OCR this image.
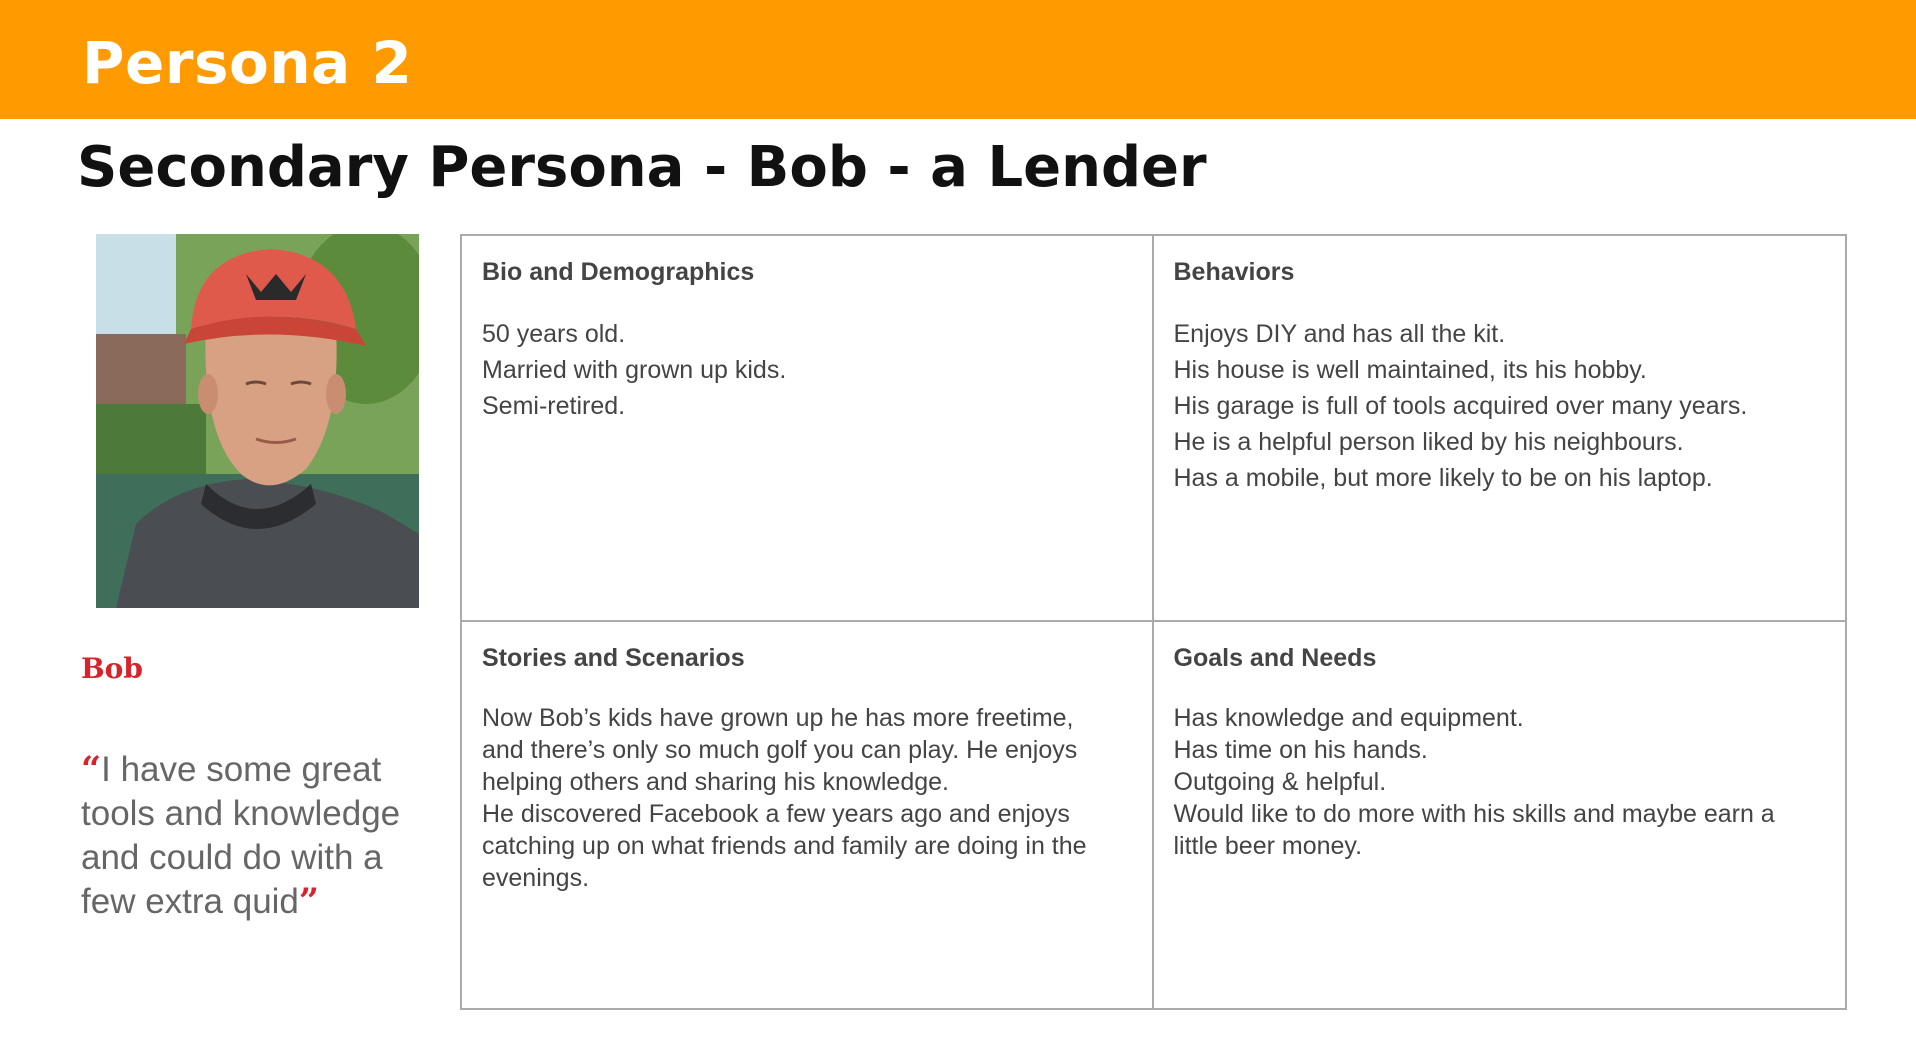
Persona 2
Secondary Persona - Bob - a Lender
Bob
“I have some great tools and knowledge and could do with a few extra quid”
Bio and Demographics
50 years old.
Married with grown up kids.
Semi-retired.
Behaviors
Enjoys DIY and has all the kit.
His house is well maintained, its his hobby.
His garage is full of tools acquired over many years.
He is a helpful person liked by his neighbours.
Has a mobile, but more likely to be on his laptop.
Stories and Scenarios
Now Bob’s kids have grown up he has more freetime,
and there’s only so much golf you can play. He enjoys
helping others and sharing his knowledge.
He discovered Facebook a few years ago and enjoys
catching up on what friends and family are doing in the
evenings.
Goals and Needs
Has knowledge and equipment.
Has time on his hands.
Outgoing & helpful.
Would like to do more with his skills and maybe earn a
little beer money.
